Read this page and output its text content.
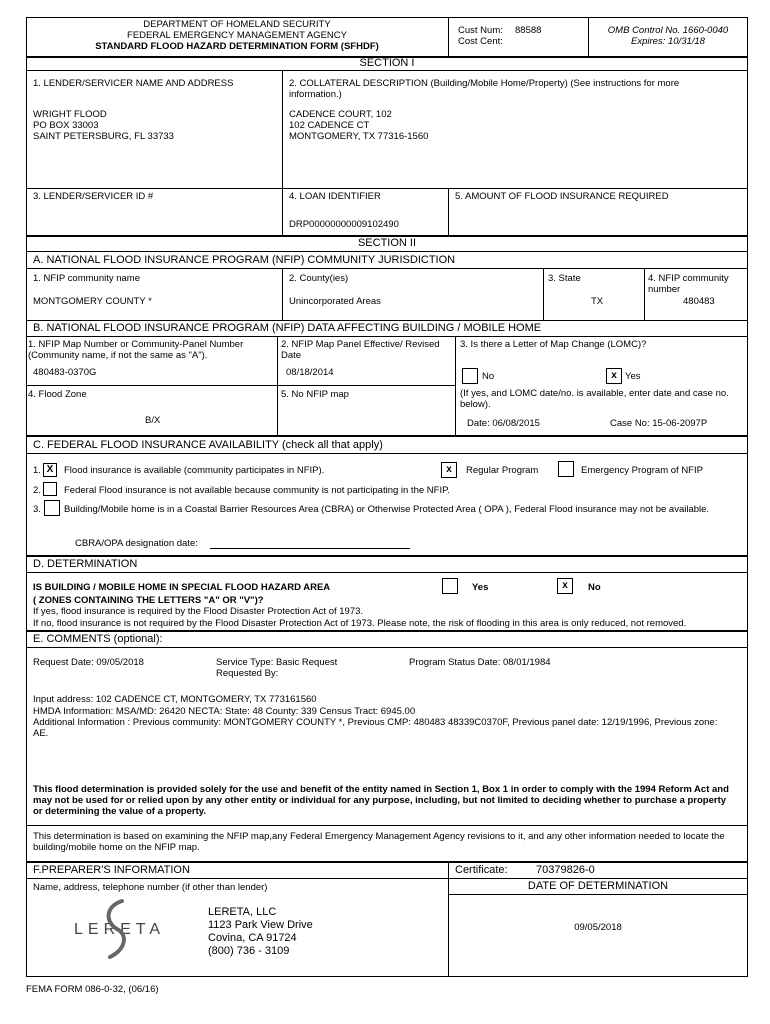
DEPARTMENT OF HOMELAND SECURITY
FEDERAL EMERGENCY MANAGEMENT AGENCY
STANDARD FLOOD HAZARD DETERMINATION FORM (SFHDF)
Cust Num: 88588
Cost Cent:
OMB Control No. 1660-0040
Expires: 10/31/18
SECTION I
1. LENDER/SERVICER NAME AND ADDRESS
WRIGHT FLOOD
PO BOX 33003
SAINT PETERSBURG, FL 33733
2. COLLATERAL DESCRIPTION (Building/Mobile Home/Property) (See instructions for more information.)
CADENCE COURT, 102
102 CADENCE CT
MONTGOMERY, TX 77316-1560
3. LENDER/SERVICER ID #	4. LOAN IDENTIFIER
DRP00000000009102490
5. AMOUNT OF FLOOD INSURANCE REQUIRED
SECTION II
A. NATIONAL FLOOD INSURANCE PROGRAM (NFIP) COMMUNITY JURISDICTION
1. NFIP community name
MONTGOMERY COUNTY *
2. County(ies)
Unincorporated Areas
3. State
TX
4. NFIP community number
480483
B. NATIONAL FLOOD INSURANCE PROGRAM (NFIP) DATA AFFECTING BUILDING / MOBILE HOME
1. NFIP Map Number or Community-Panel Number (Community name, if not the same as "A").
480483-0370G
2. NFIP Map Panel Effective/ Revised Date
08/18/2014
3. Is there a Letter of Map Change (LOMC)?
No	x Yes
4. Flood Zone
B/X
5. No NFIP map	(If yes, and LOMC date/no. is available, enter date and case no. below).
Date: 06/08/2015	Case No: 15-06-2097P
C. FEDERAL FLOOD INSURANCE AVAILABILITY (check all that apply)
1. X	Flood insurance is available (community participates in NFIP).	x	Regular Program	Emergency Program of NFIP
2. Federal Flood insurance is not available because community is not participating in the NFIP.
3.	Building/Mobile home is in a Coastal Barrier Resources Area (CBRA) or Otherwise Protected Area ( OPA ), Federal Flood insurance may not be available.
CBRA/OPA designation date:
D. DETERMINATION
IS BUILDING / MOBILE HOME IN SPECIAL FLOOD HAZARD AREA
( ZONES CONTAINING THE LETTERS "A" OR "V")?
Yes	x	No
If yes, flood insurance is required by the Flood Disaster Protection Act of 1973.
If no, flood insurance is not required by the Flood Disaster Protection Act of 1973. Please note, the risk of flooding in this area is only reduced, not removed.
E. COMMENTS (optional):
Request Date: 09/05/2018	Service Type: Basic Request
Requested By:
Program Status Date: 08/01/1984
Input address: 102 CADENCE CT, MONTGOMERY, TX 773161560
HMDA Information: MSA/MD: 26420 NECTA: State: 48 County: 339 Census Tract: 6945.00
Additional Information : Previous community: MONTGOMERY COUNTY *, Previous CMP: 480483 48339C0370F, Previous panel date: 12/19/1996, Previous zone: AE.
This flood determination is provided solely for the use and benefit of the entity named in Section 1, Box 1 in order to comply with the 1994 Reform Act and may not be used for or relied upon by any other entity or individual for any purpose, including, but not limited to deciding whether to purchase a property or determining the value of a property.
This determination is based on examining the NFIP map,any Federal Emergency Management Agency revisions to it, and any other information needed to locate the building/mobile home on the NFIP map.
F.PREPARER'S INFORMATION	Certificate:	70379826-0
Name, address, telephone number (if other than lender)	DATE OF DETERMINATION
09/05/2018
LERETA
LERETA, LLC
1123 Park View Drive
Covina, CA 91724
(800) 736 - 3109
FEMA FORM 086-0-32, (06/16)
